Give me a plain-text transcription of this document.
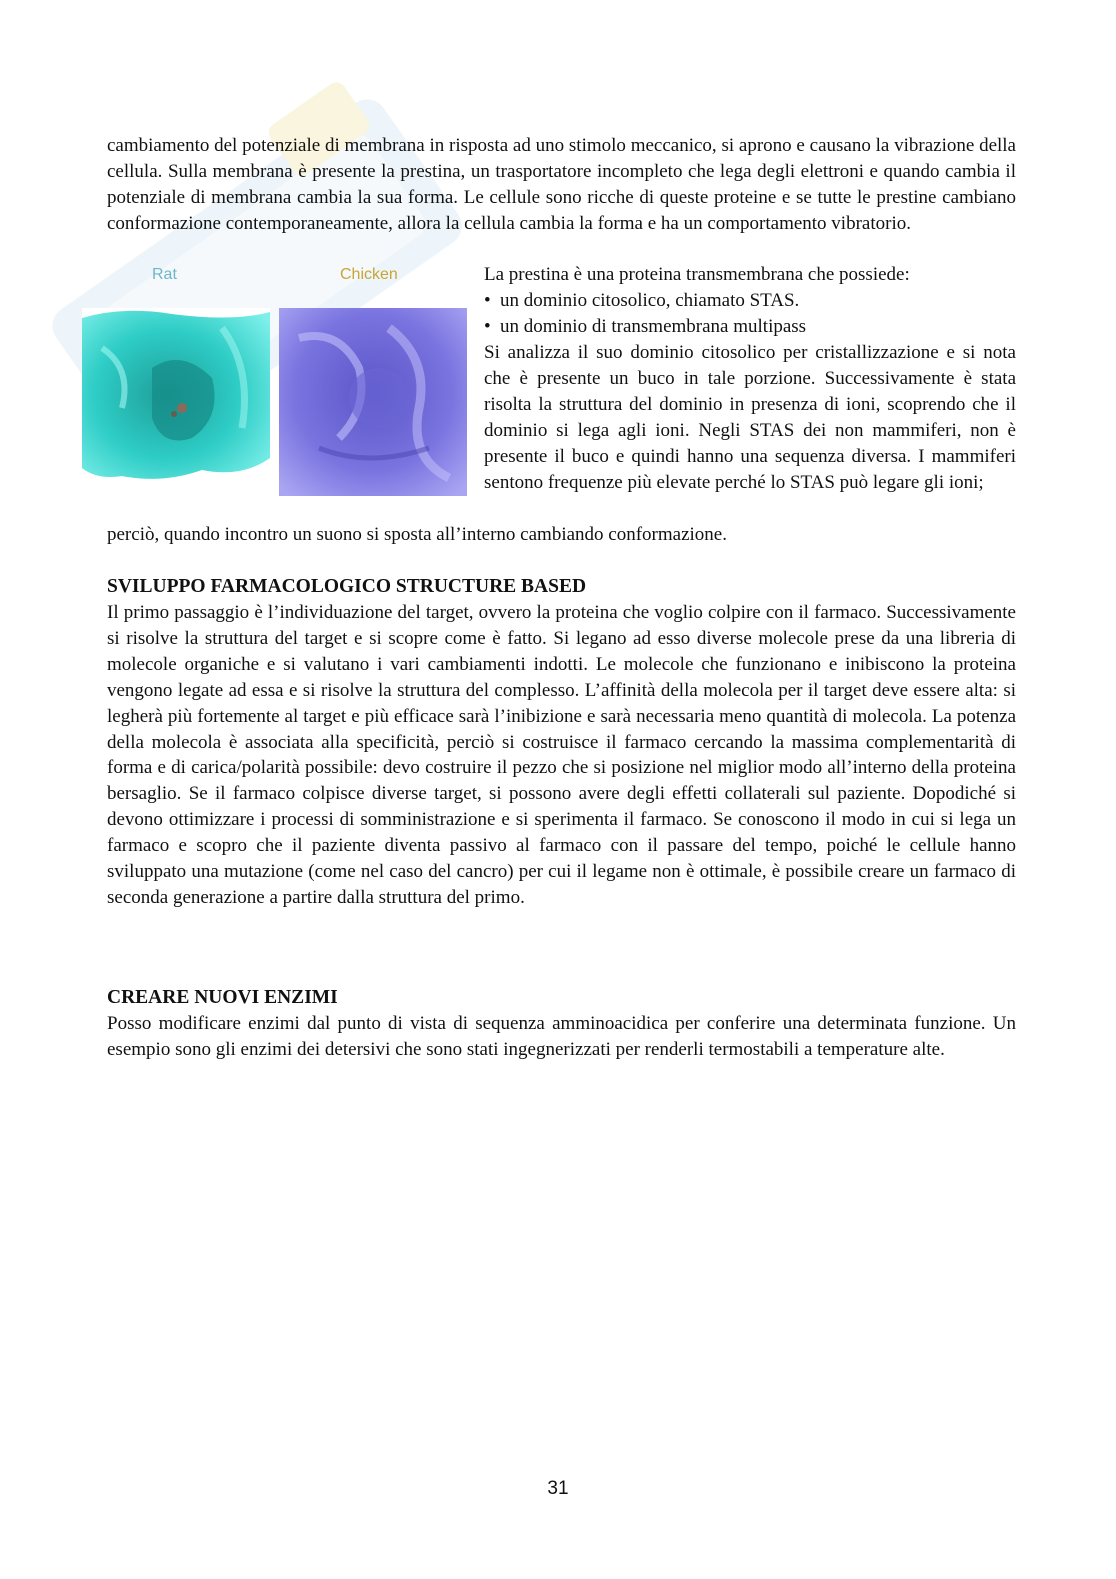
cambiamento del potenziale di membrana in risposta ad uno stimolo meccanico, si aprono e causano la vibrazione della cellula. Sulla membrana è presente la prestina, un trasportatore incompleto che lega degli elettroni e quando cambia il potenziale di membrana cambia la sua forma. Le cellule sono ricche di queste proteine e se tutte le prestine cambiano conformazione contemporaneamente, allora la cellula cambia la forma e ha un comportamento vibratorio.

Rat	Chicken	La prestina è una proteina transmembrana che possiede:

• un dominio citosolico, chiamato STAS.
• un dominio di transmembrana multipass

Si analizza il suo dominio citosolico per cristallizzazione e si nota che è presente un buco in tale porzione. Successivamente è stata risolta la struttura del dominio in presenza di ioni, scoprendo che il dominio si lega agli ioni. Negli STAS dei non mammiferi, non è presente il buco e quindi hanno una sequenza diversa. I mammiferi sentono frequenze più elevate perché lo STAS può legare gli ioni;

perciò, quando incontro un suono si sposta all’interno cambiando conformazione.

SVILUPPO FARMACOLOGICO STRUCTURE BASED

Il primo passaggio è l’individuazione del target, ovvero la proteina che voglio colpire con il farmaco. Successivamente si risolve la struttura del target e si scopre come è fatto. Si legano ad esso diverse molecole prese da una libreria di molecole organiche e si valutano i vari cambiamenti indotti. Le molecole che funzionano e inibiscono la proteina vengono legate ad essa e si risolve la struttura del complesso. L’affinità della molecola per il target deve essere alta: si legherà più fortemente al target e più efficace sarà l’inibizione e sarà necessaria meno quantità di molecola. La potenza della molecola è associata alla specificità, perciò si costruisce il farmaco cercando la massima complementarità di forma e di carica/polarità possibile: devo costruire il pezzo che si posizione nel miglior modo all’interno della proteina bersaglio. Se il farmaco colpisce diverse target, si possono avere degli effetti collaterali sul paziente. Dopodiché si devono ottimizzare i processi di somministrazione e si sperimenta il farmaco. Se conoscono il modo in cui si lega un farmaco e scopro che il paziente diventa passivo al farmaco con il passare del tempo, poiché le cellule hanno sviluppato una mutazione (come nel caso del cancro) per cui il legame non è ottimale, è possibile creare un farmaco di seconda generazione a partire dalla struttura del primo.

CREARE NUOVI ENZIMI

Posso modificare enzimi dal punto di vista di sequenza amminoacidica per conferire una determinata funzione. Un esempio sono gli enzimi dei detersivi che sono stati ingegnerizzati per renderli termostabili a temperature alte.

31
